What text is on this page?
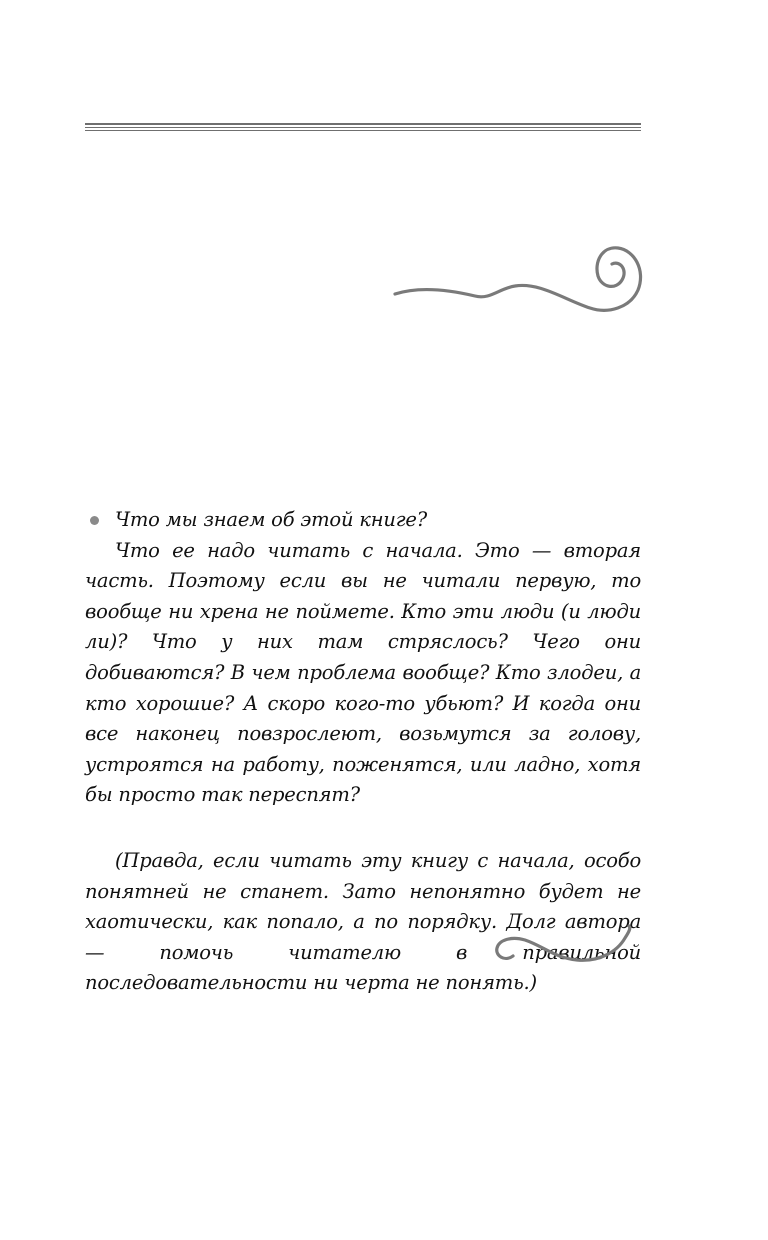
Что мы знаем об этой книге?

Что ее надо читать с начала. Это — вторая часть. Поэтому если вы не читали первую, то вообще ни хрена не поймете. Кто эти люди (и люди ли)? Что у них там стряслось? Чего они добиваются? В чем проблема вообще? Кто злодеи, а кто хорошие? А скоро кого-то убьют? И когда они все наконец повзрослеют, возьмутся за голову, устроятся на работу, поженятся, или ладно, хотя бы просто так переспят?

(Правда, если читать эту книгу с начала, особо понятней не станет. Зато непонятно будет не хаотически, как попало, а по порядку. Долг автора — помочь читателю в правильной последовательности ни черта не понять.)
